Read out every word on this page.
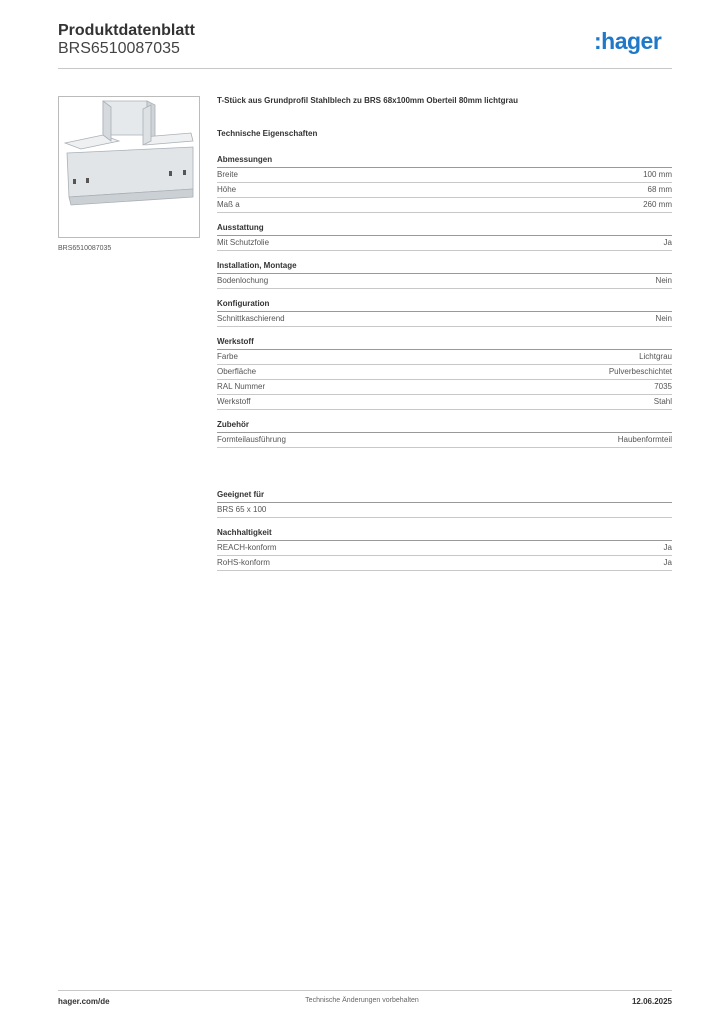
Produktdatenblatt
BRS6510087035	:hager
BRS6510087035
T-Stück aus Grundprofil Stahlblech zu BRS 68x100mm Oberteil 80mm lichtgrau
Technische Eigenschaften
Abmessungen
Breite	100 mm
Höhe	68 mm
Maß a	260 mm
Ausstattung
Mit Schutzfolie	Ja
Installation, Montage
Bodenlochung	Nein
Konfiguration
Schnittkaschierend	Nein
Werkstoff
Farbe	Lichtgrau
Oberfläche	Pulverbeschichtet
RAL Nummer	7035
Werkstoff	Stahl
Zubehör
Formteilausführung	Haubenformteil
Geeignet für
BRS 65 x 100
Nachhaltigkeit
REACH-konform	Ja
RoHS-konform	Ja
hager.com/de	Technische Änderungen vorbehalten	12.06.2025
